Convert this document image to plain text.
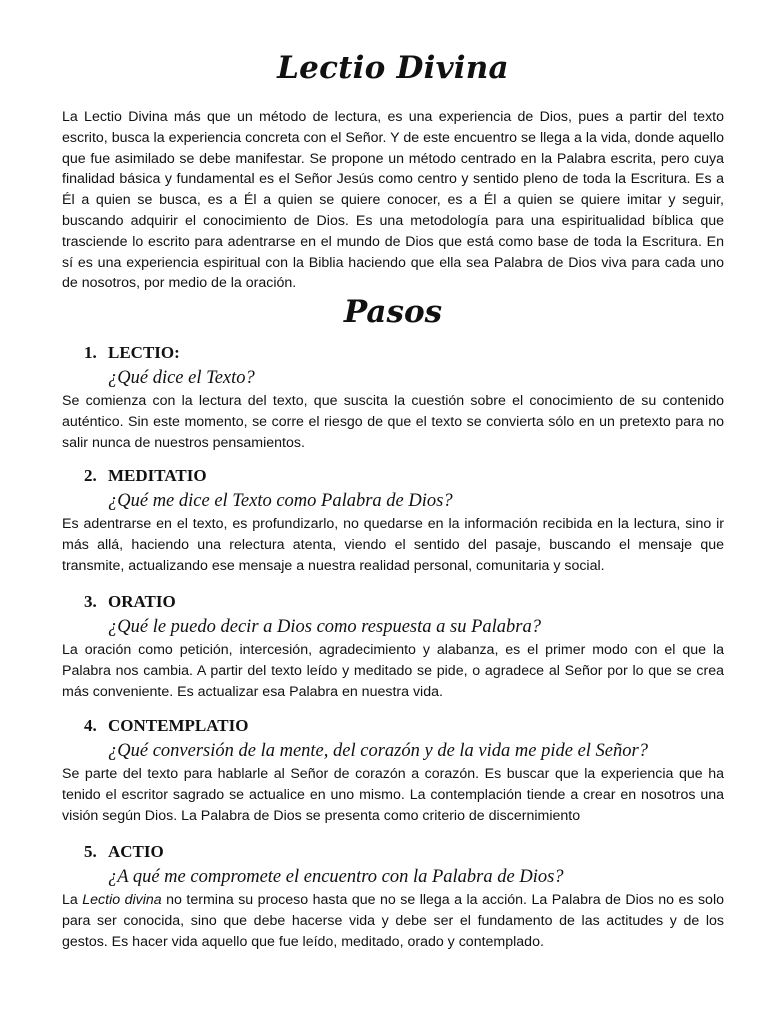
Lectio Divina

La Lectio Divina más que un método de lectura, es una experiencia de Dios, pues a partir del texto escrito, busca la experiencia concreta con el Señor. Y de este encuentro se llega a la vida, donde aquello que fue asimilado se debe manifestar. Se propone un método centrado en la Palabra escrita, pero cuya finalidad básica y fundamental es el Señor Jesús como centro y sentido pleno de toda la Escritura. Es a Él a quien se busca, es a Él a quien se quiere conocer, es a Él a quien se quiere imitar y seguir, buscando adquirir el conocimiento de Dios. Es una metodología para una espiritualidad bíblica que trasciende lo escrito para adentrarse en el mundo de Dios que está como base de toda la Escritura. En sí es una experiencia espiritual con la Biblia haciendo que ella sea Palabra de Dios viva para cada uno de nosotros, por medio de la oración.

Pasos

1. LECTIO:

¿Qué dice el Texto?

Se comienza con la lectura del texto, que suscita la cuestión sobre el conocimiento de su contenido auténtico. Sin este momento, se corre el riesgo de que el texto se convierta sólo en un pretexto para no salir nunca de nuestros pensamientos.

2. MEDITATIO

¿Qué me dice el Texto como Palabra de Dios?

Es adentrarse en el texto, es profundizarlo, no quedarse en la información recibida en la lectura, sino ir más allá, haciendo una relectura atenta, viendo el sentido del pasaje, buscando el mensaje que transmite, actualizando ese mensaje a nuestra realidad personal, comunitaria y social.

3. ORATIO

¿Qué le puedo decir a Dios como respuesta a su Palabra?

La oración como petición, intercesión, agradecimiento y alabanza, es el primer modo con el que la Palabra nos cambia. A partir del texto leído y meditado se pide, o agradece al Señor por lo que se crea más conveniente. Es actualizar esa Palabra en nuestra vida.

4. CONTEMPLATIO

¿Qué conversión de la mente, del corazón y de la vida me pide el Señor?

Se parte del texto para hablarle al Señor de corazón a corazón. Es buscar que la experiencia que ha tenido el escritor sagrado se actualice en uno mismo. La contemplación tiende a crear en nosotros una visión según Dios. La Palabra de Dios se presenta como criterio de discernimiento

5. ACTIO

¿A qué me compromete el encuentro con la Palabra de Dios?

La Lectio divina no termina su proceso hasta que no se llega a la acción. La Palabra de Dios no es solo para ser conocida, sino que debe hacerse vida y debe ser el fundamento de las actitudes y de los gestos. Es hacer vida aquello que fue leído, meditado, orado y contemplado.
